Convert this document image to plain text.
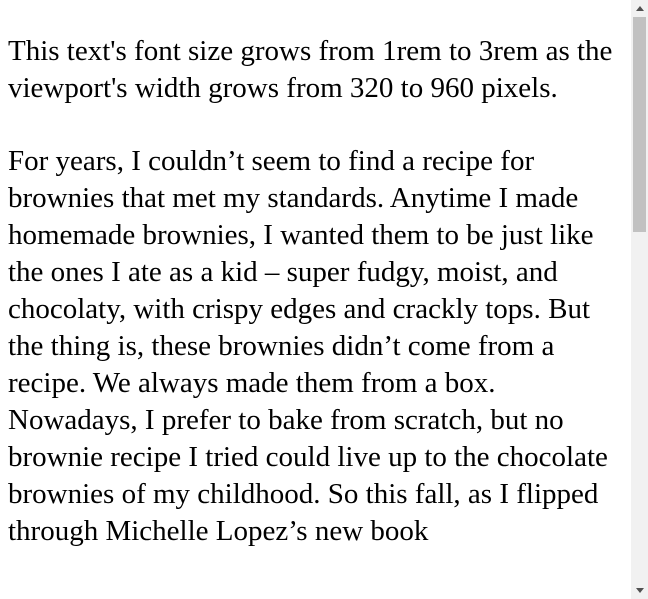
This text's font size grows from 1rem to 3rem as the viewport's width grows from 320 to 960 pixels.

For years, I couldn’t seem to find a recipe for brownies that met my standards. Anytime I made homemade brownies, I wanted them to be just like the ones I ate as a kid – super fudgy, moist, and chocolaty, with crispy edges and crackly tops. But the thing is, these brownies didn’t come from a recipe. We always made them from a box. Nowadays, I prefer to bake from scratch, but no brownie recipe I tried could live up to the chocolate brownies of my childhood. So this fall, as I flipped through Michelle Lopez’s new book
